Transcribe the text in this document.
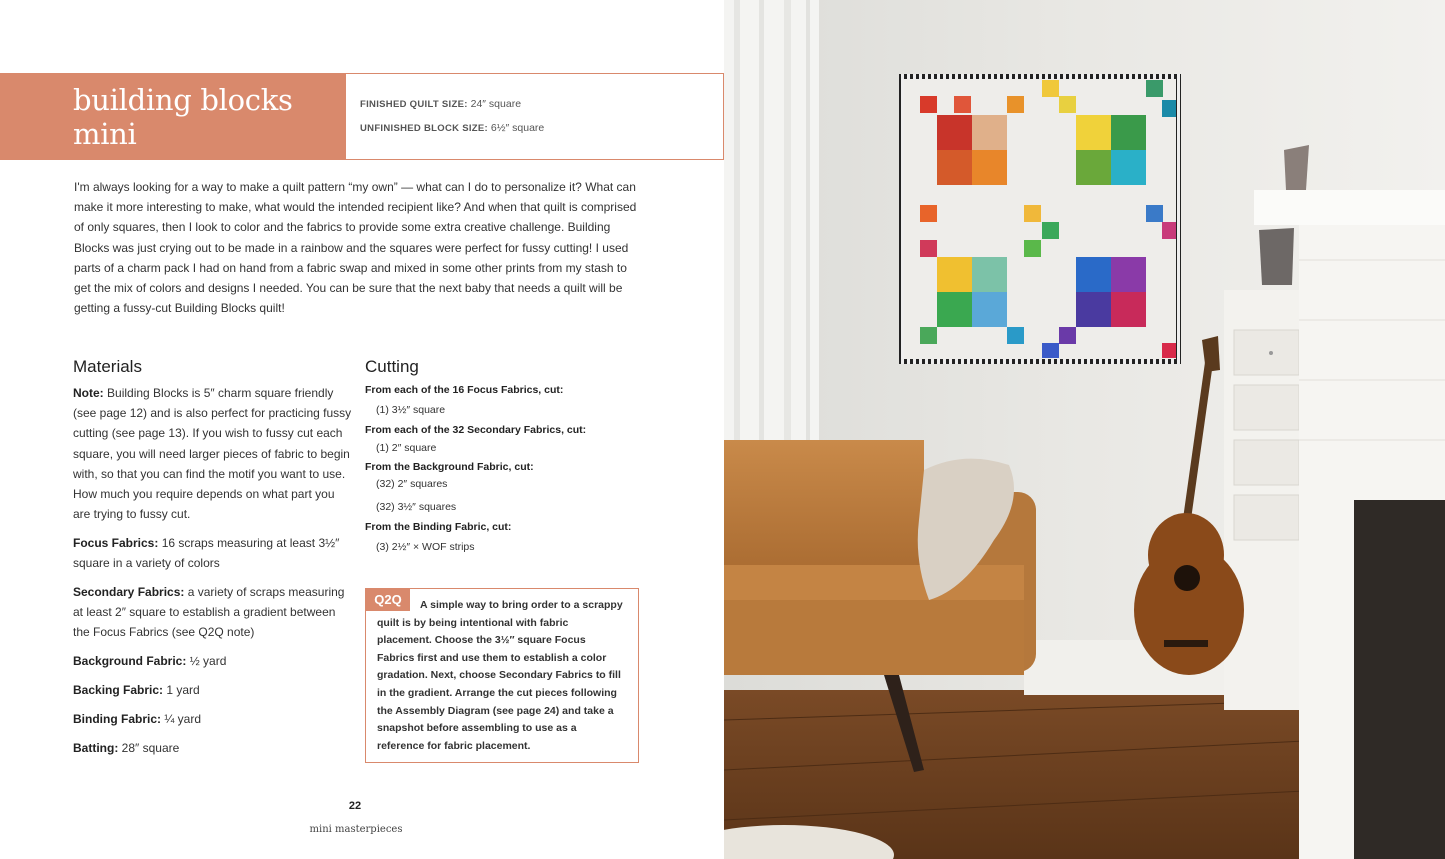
building blocks mini
FINISHED QUILT SIZE: 24″ square
UNFINISHED BLOCK SIZE: 6½″ square

I'm always looking for a way to make a quilt pattern “my own” — what can I do to personalize it? What can make it more interesting to make, what would the intended recipient like? And when that quilt is comprised of only squares, then I look to color and the fabrics to provide some extra creative challenge. Building Blocks was just crying out to be made in a rainbow and the squares were perfect for fussy cutting! I used parts of a charm pack I had on hand from a fabric swap and mixed in some other prints from my stash to get the mix of colors and designs I needed. You can be sure that the next baby that needs a quilt will be getting a fussy-cut Building Blocks quilt!

Materials

Note: Building Blocks is 5″ charm square friendly (see page 12) and is also perfect for practicing fussy cutting (see page 13). If you wish to fussy cut each square, you will need larger pieces of fabric to begin with, so that you can find the motif you want to use. How much you require depends on what part you are trying to fussy cut.

Focus Fabrics: 16 scraps measuring at least 3½″ square in a variety of colors

Secondary Fabrics: a variety of scraps measuring at least 2″ square to establish a gradient between the Focus Fabrics (see Q2Q note)

Background Fabric: ½ yard

Backing Fabric: 1 yard

Binding Fabric: ¼ yard

Batting: 28″ square

Cutting

From each of the 16 Focus Fabrics, cut:

(1) 3½″ square

From each of the 32 Secondary Fabrics, cut:

(1) 2″ square

From the Background Fabric, cut:

(32) 2″ squares

(32) 3½″ squares

From the Binding Fabric, cut:

(3) 2½″ × WOF strips

Q2Q	A simple way to bring order to a scrappy quilt is by being intentional with fabric placement. Choose the 3½″ square Focus Fabrics first and use them to establish a color gradation. Next, choose Secondary Fabrics to fill in the gradient. Arrange the cut pieces following the Assembly Diagram (see page 24) and take a snapshot before assembling to use as a reference for fabric placement.

22
mini masterpieces
